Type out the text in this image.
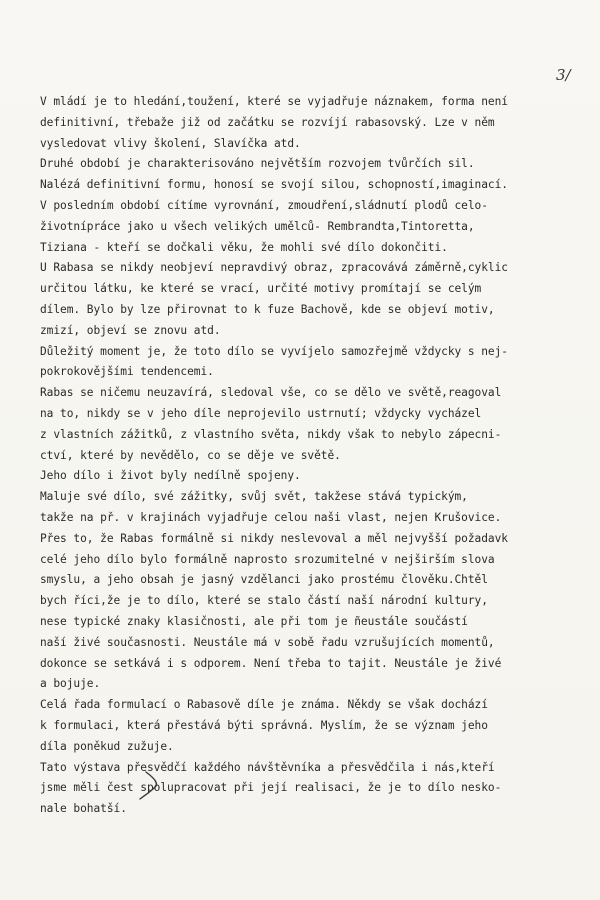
3/
V mládí je to hledání,toužení, které se vyjadřuje náznakem, forma není
definitivní, třebaže již od začátku se rozvíjí rabasovský. Lze v něm
vysledovat vlivy školení, Slavíčka atd.
Druhé období je charakterisováno největším rozvojem tvůrčích sil.
Nalézá definitivní formu, honosí se svojí silou, schopností,imaginací.
V posledním období cítíme vyrovnání, zmoudření,sládnutí plodů celo-
životnípráce jako u všech velikých umělců- Rembrandta,Tintoretta,
Tiziana - kteří se dočkali věku, že mohli své dílo dokončiti.
U Rabasa se nikdy neobjeví nepravdivý obraz, zpracovává záměrně,cyklic
určitou látku, ke které se vrací, určité motivy promítají se celým
dílem. Bylo by lze přirovnat to k fuze Bachově, kde se objeví motiv,
zmizí, objeví se znovu atd.
Důležitý moment je, že toto dílo se vyvíjelo samozřejmě vždycky s nej-
pokrokovějšími tendencemi.
Rabas se ničemu neuzavírá, sledoval vše, co se dělo ve světě,reagoval
na to, nikdy se v jeho díle neprojevilo ustrnutí; vždycky vycházel
z vlastních zážitků, z vlastního světa, nikdy však to nebylo zápecni-
ctví, které by nevědělo, co se děje ve světě.
Jeho dílo i život byly nedílně spojeny.
Maluje své dílo, své zážitky, svůj svět, takžese stává typickým,
takže na př. v krajinách vyjadřuje celou naši vlast, nejen Krušovice.
Přes to, že Rabas formálně si nikdy neslevoval a měl nejvyšší požadavk
celé jeho dílo bylo formálně naprosto srozumitelné v nejširším slova
smyslu, a jeho obsah je jasný vzdělanci jako prostému člověku.Chtěl
bych říci,že je to dílo, které se stalo částí naší národní kultury,
nese typické znaky klasičnosti, ale při tom je ñeustále součástí
naší živé současnosti. Neustále má v sobě řadu vzrušujících momentů,
dokonce se setkává i s odporem. Není třeba to tajit. Neustále je živé
a bojuje.
Celá řada formulací o Rabasově díle je známa. Někdy se však dochází
k formulaci, která přestává býti správná. Myslím, že se význam jeho
díla poněkud zužuje.
Tato výstava přesvědčí každého návštěvníka a přesvědčila i nás,kteří
jsme měli čest spolupracovat při její realisaci, že je to dílo nesko-
nale bohatší.
